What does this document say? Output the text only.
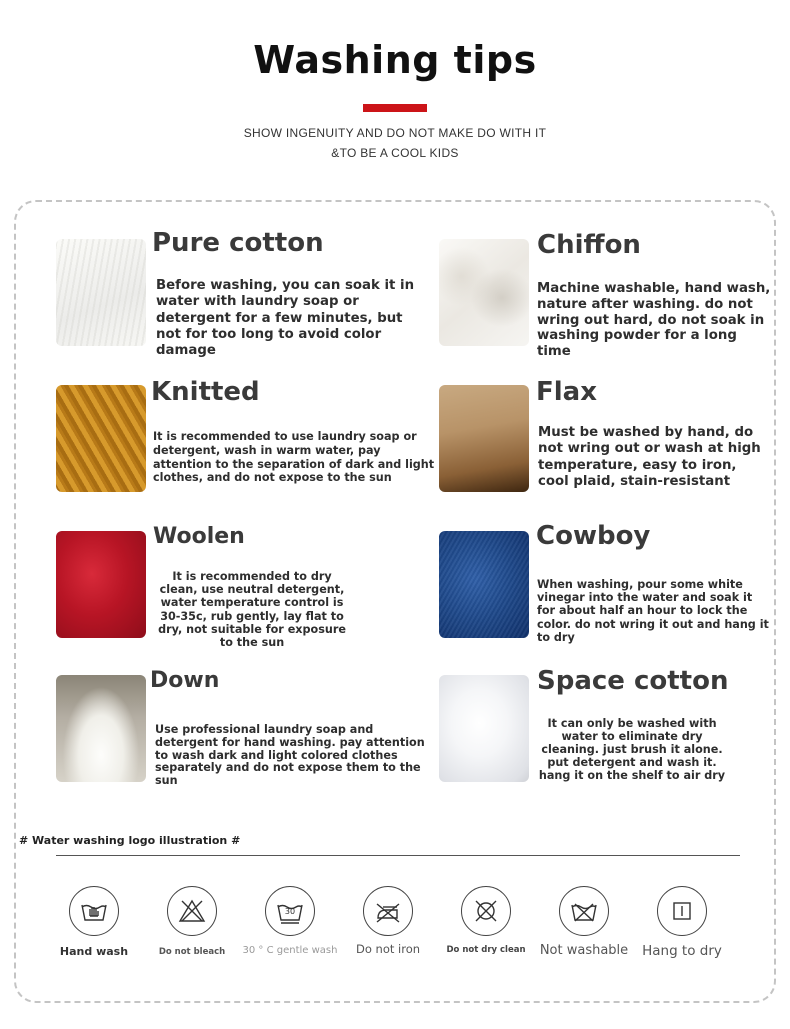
Washing tips
SHOW INGENUITY AND DO NOT MAKE DO WITH IT
&TO BE A COOL KIDS
Pure cotton
Before washing, you can soak it in water with laundry soap or detergent for a few minutes, but not for too long to avoid color damage
Chiffon
Machine washable, hand wash, nature after washing. do not wring out hard, do not soak in washing powder for a long time
Knitted
It is recommended to use laundry soap or detergent, wash in warm water, pay attention to the separation of dark and light clothes, and do not expose to the sun
Flax
Must be washed by hand, do not wring out or wash at high temperature, easy to iron, cool plaid, stain-resistant
Woolen
It is recommended to dry clean, use neutral detergent, water temperature control is 30-35c, rub gently, lay flat to dry, not suitable for exposure to the sun
Cowboy
When washing, pour some white vinegar into the water and soak it for about half an hour to lock the color. do not wring it out and hang it to dry
Down
Use professional laundry soap and detergent for hand washing. pay attention to wash dark and light colored clothes separately and do not expose them to the sun
Space cotton
It can only be washed with water to eliminate dry cleaning. just brush it alone. put detergent and wash it. hang it on the shelf to air dry
# Water washing logo illustration #
Hand wash	Do not bleach
30
30 ° C gentle wash	Do not iron	Do not dry clean	Not washable	Hang to dry
